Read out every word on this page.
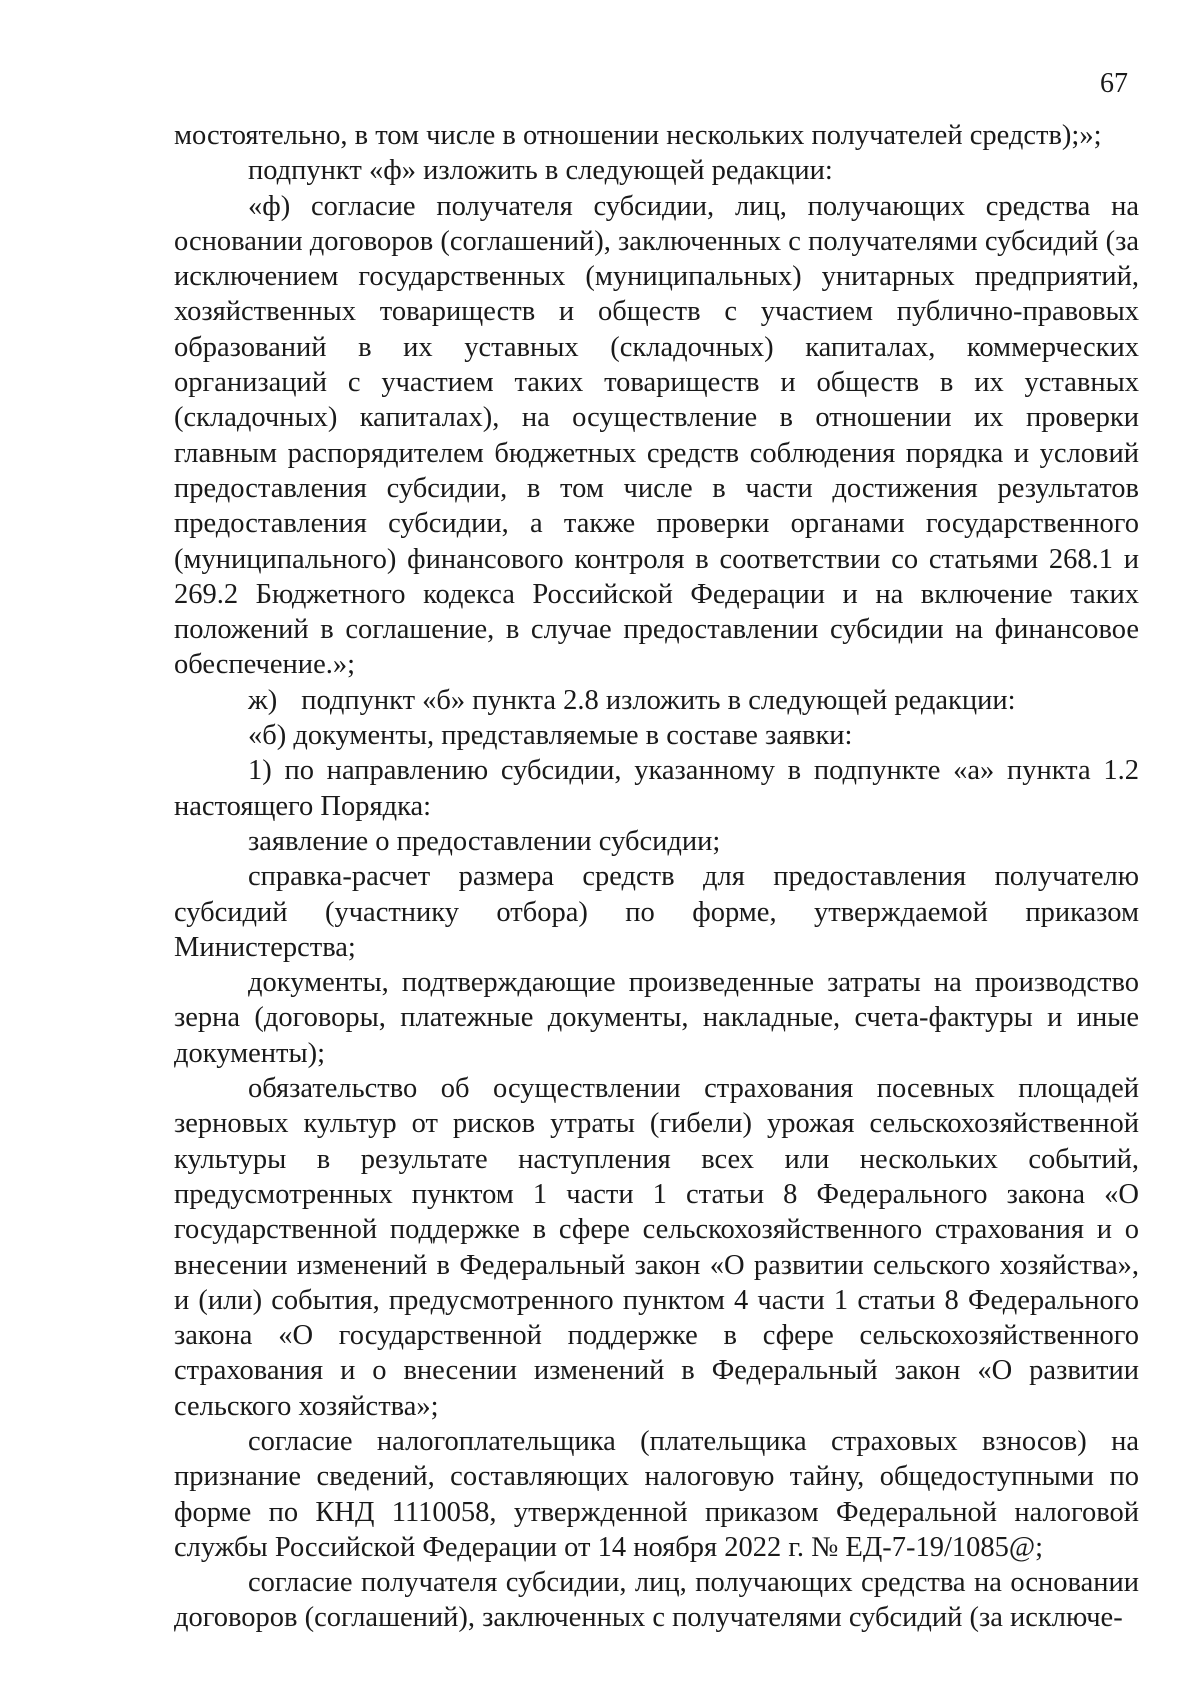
67

мостоятельно, в том числе в отношении нескольких получателей средств);»;

подпункт «ф» изложить в следующей редакции:

«ф) согласие получателя субсидии, лиц, получающих средства на основании договоров (соглашений), заключенных с получателями субсидий (за исключением государственных (муниципальных) унитарных предприятий, хозяйственных товариществ и обществ с участием публично-правовых образований в их уставных (складочных) капиталах, коммерческих организаций с участием таких товариществ и обществ в их уставных (складочных) капиталах), на осуществление в отношении их проверки главным распорядителем бюджетных средств соблюдения порядка и условий предоставления субсидии, в том числе в части достижения результатов предоставления субсидии, а также проверки органами государственного (муниципального) финансового контроля в соответствии со статьями 268.1 и 269.2 Бюджетного кодекса Российской Федерации и на включение таких положений в соглашение, в случае предоставлении субсидии на финансовое обеспечение.»;

ж) подпункт «б» пункта 2.8 изложить в следующей редакции:

«б) документы, представляемые в составе заявки:

1) по направлению субсидии, указанному в подпункте «а» пункта 1.2 настоящего Порядка:

заявление о предоставлении субсидии;

справка-расчет размера средств для предоставления получателю субсидий (участнику отбора) по форме, утверждаемой приказом Министерства;

документы, подтверждающие произведенные затраты на производство зерна (договоры, платежные документы, накладные, счета-фактуры и иные документы);

обязательство об осуществлении страхования посевных площадей зерновых культур от рисков утраты (гибели) урожая сельскохозяйственной культуры в результате наступления всех или нескольких событий, предусмотренных пунктом 1 части 1 статьи 8 Федерального закона «О государственной поддержке в сфере сельскохозяйственного страхования и о внесении изменений в Федеральный закон «О развитии сельского хозяйства», и (или) события, предусмотренного пунктом 4 части 1 статьи 8 Федерального закона «О государственной поддержке в сфере сельскохозяйственного страхования и о внесении изменений в Федеральный закон «О развитии сельского хозяйства»;

согласие налогоплательщика (плательщика страховых взносов) на признание сведений, составляющих налоговую тайну, общедоступными по форме по КНД 1110058, утвержденной приказом Федеральной налоговой службы Российской Федерации от 14 ноября 2022 г. № ЕД-7-19/1085@;

согласие получателя субсидии, лиц, получающих средства на основании договоров (соглашений), заключенных с получателями субсидий (за исключе-
